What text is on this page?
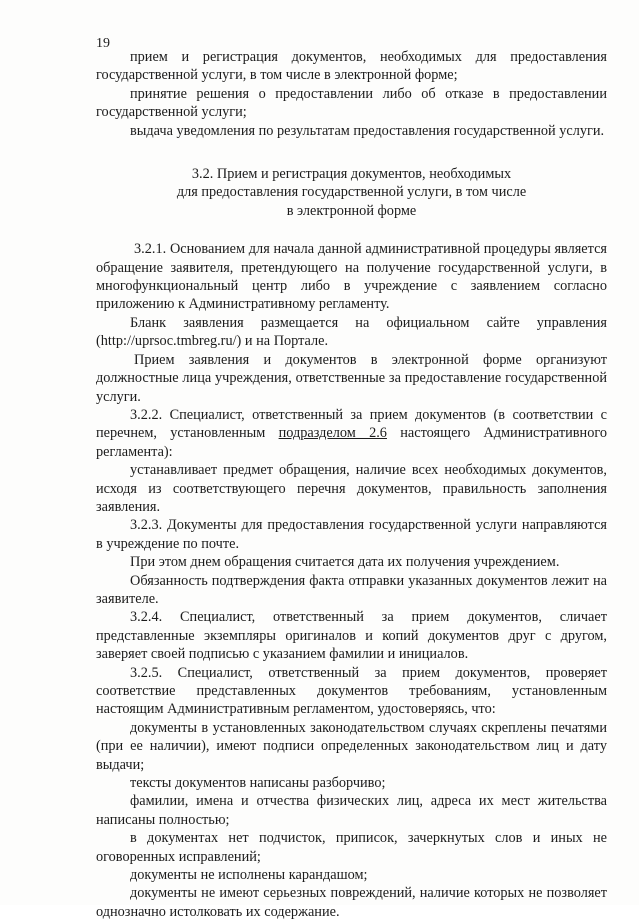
19

прием и регистрация документов, необходимых для предоставления государственной услуги, в том числе в электронной форме;

принятие решения о предоставлении либо об отказе в предоставлении государственной услуги;

выдача уведомления по результатам предоставления государственной услуги.

3.2. Прием и регистрация документов, необходимых
для предоставления государственной услуги, в том числе
в электронной форме

3.2.1. Основанием для начала данной административной процедуры является обращение заявителя, претендующего на получение государственной услуги, в многофункциональный центр либо в учреждение с заявлением согласно приложению к Административному регламенту.

Бланк заявления размещается на официальном сайте управления (http://uprsoc.tmbreg.ru/) и на Портале.

Прием заявления и документов в электронной форме организуют должностные лица учреждения, ответственные за предоставление государственной услуги.

3.2.2. Специалист, ответственный за прием документов (в соответствии с перечнем, установленным подразделом 2.6 настоящего Административного регламента):

устанавливает предмет обращения, наличие всех необходимых документов, исходя из соответствующего перечня документов, правильность заполнения заявления.

3.2.3. Документы для предоставления государственной услуги направляются в учреждение по почте.

При этом днем обращения считается дата их получения учреждением.

Обязанность подтверждения факта отправки указанных документов лежит на заявителе.

3.2.4. Специалист, ответственный за прием документов, сличает представленные экземпляры оригиналов и копий документов друг с другом, заверяет своей подписью с указанием фамилии и инициалов.

3.2.5. Специалист, ответственный за прием документов, проверяет соответствие представленных документов требованиям, установленным настоящим Административным регламентом, удостоверяясь, что:

документы в установленных законодательством случаях скреплены печатями (при ее наличии), имеют подписи определенных законодательством лиц и дату выдачи;

тексты документов написаны разборчиво;

фамилии, имена и отчества физических лиц, адреса их мест жительства написаны полностью;

в документах нет подчисток, приписок, зачеркнутых слов и иных не оговоренных исправлений;

документы не исполнены карандашом;

документы не имеют серьезных повреждений, наличие которых не позволяет однозначно истолковать их содержание.
